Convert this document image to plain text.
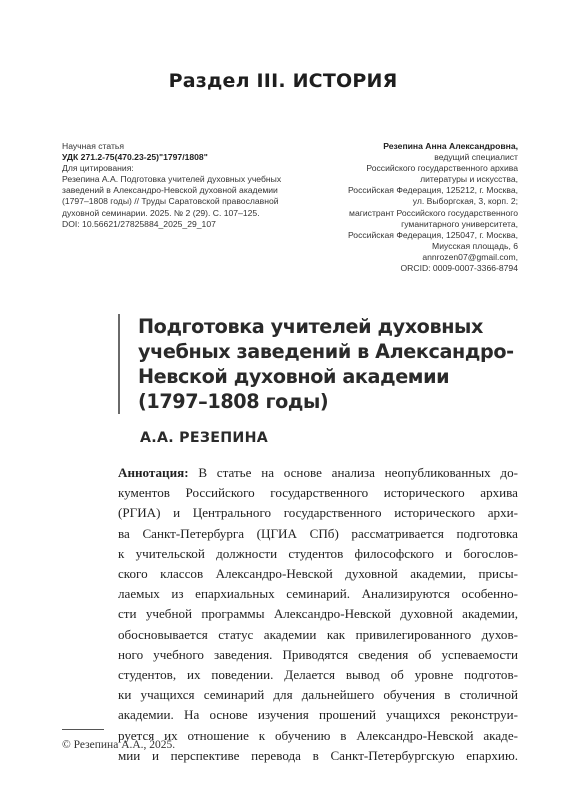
Раздел III. ИСТОРИЯ
Научная статья
УДК 271.2-75(470.23-25)"1797/1808"
Для цитирования:
Резепина А.А. Подготовка учителей духовных учебных
заведений в Александро-Невской духовной академии
(1797–1808 годы) // Труды Саратовской православной
духовной семинарии. 2025. № 2 (29). С. 107–125.
DOI: 10.56621/27825884_2025_29_107
Резепина Анна Александровна,
ведущий специалист
Российского государственного архива
литературы и искусства,
Российская Федерация, 125212, г. Москва,
ул. Выборгская, 3, корп. 2;
магистрант Российского государственного
гуманитарного университета,
Российская Федерация, 125047, г. Москва,
Миусская площадь, 6
annrozen07@gmail.com,
ORCID: 0009-0007-3366-8794
Подготовка учителей духовных
учебных заведений в Александро-
Невской духовной академии
(1797–1808 годы)
А.А. РЕЗЕПИНА
Аннотация: В статье на основе анализа неопубликованных до-
кументов Российского государственного исторического архива
(РГИА) и Центрального государственного исторического архи-
ва Санкт-Петербурга (ЦГИА СПб) рассматривается подготовка
к учительской должности студентов философского и богослов-
ского классов Александро-Невской духовной академии, присы-
лаемых из епархиальных семинарий. Анализируются особенно-
сти учебной программы Александро-Невской духовной академии,
обосновывается статус академии как привилегированного духов-
ного учебного заведения. Приводятся сведения об успеваемости
студентов, их поведении. Делается вывод об уровне подготов-
ки учащихся семинарий для дальнейшего обучения в столичной
академии. На основе изучения прошений учащихся реконструи-
руется их отношение к обучению в Александро-Невской акаде-
мии и перспективе перевода в Санкт-Петербургскую епархию.
© Резепина А.А., 2025.
